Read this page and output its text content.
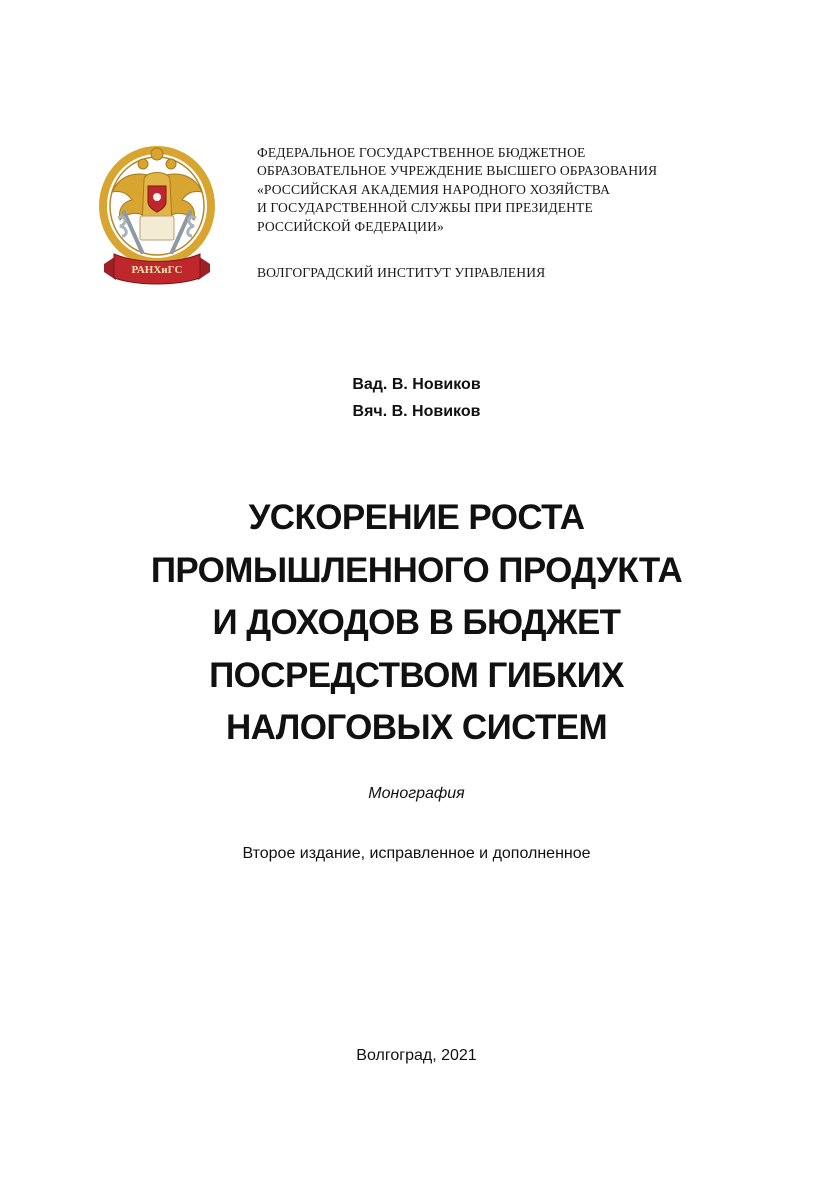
РАНХиГС
ФЕДЕРАЛЬНОЕ ГОСУДАРСТВЕННОЕ БЮДЖЕТНОЕ
ОБРАЗОВАТЕЛЬНОЕ УЧРЕЖДЕНИЕ ВЫСШЕГО ОБРАЗОВАНИЯ
«РОССИЙСКАЯ АКАДЕМИЯ НАРОДНОГО ХОЗЯЙСТВА
И ГОСУДАРСТВЕННОЙ СЛУЖБЫ ПРИ ПРЕЗИДЕНТЕ
РОССИЙСКОЙ ФЕДЕРАЦИИ»
ВОЛГОГРАДСКИЙ ИНСТИТУТ УПРАВЛЕНИЯ
Вад. В. Новиков
Вяч. В. Новиков
УСКОРЕНИЕ РОСТА
ПРОМЫШЛЕННОГО ПРОДУКТА
И ДОХОДОВ В БЮДЖЕТ
ПОСРЕДСТВОМ ГИБКИХ
НАЛОГОВЫХ СИСТЕМ
Монография
Второе издание, исправленное и дополненное
Волгоград, 2021
